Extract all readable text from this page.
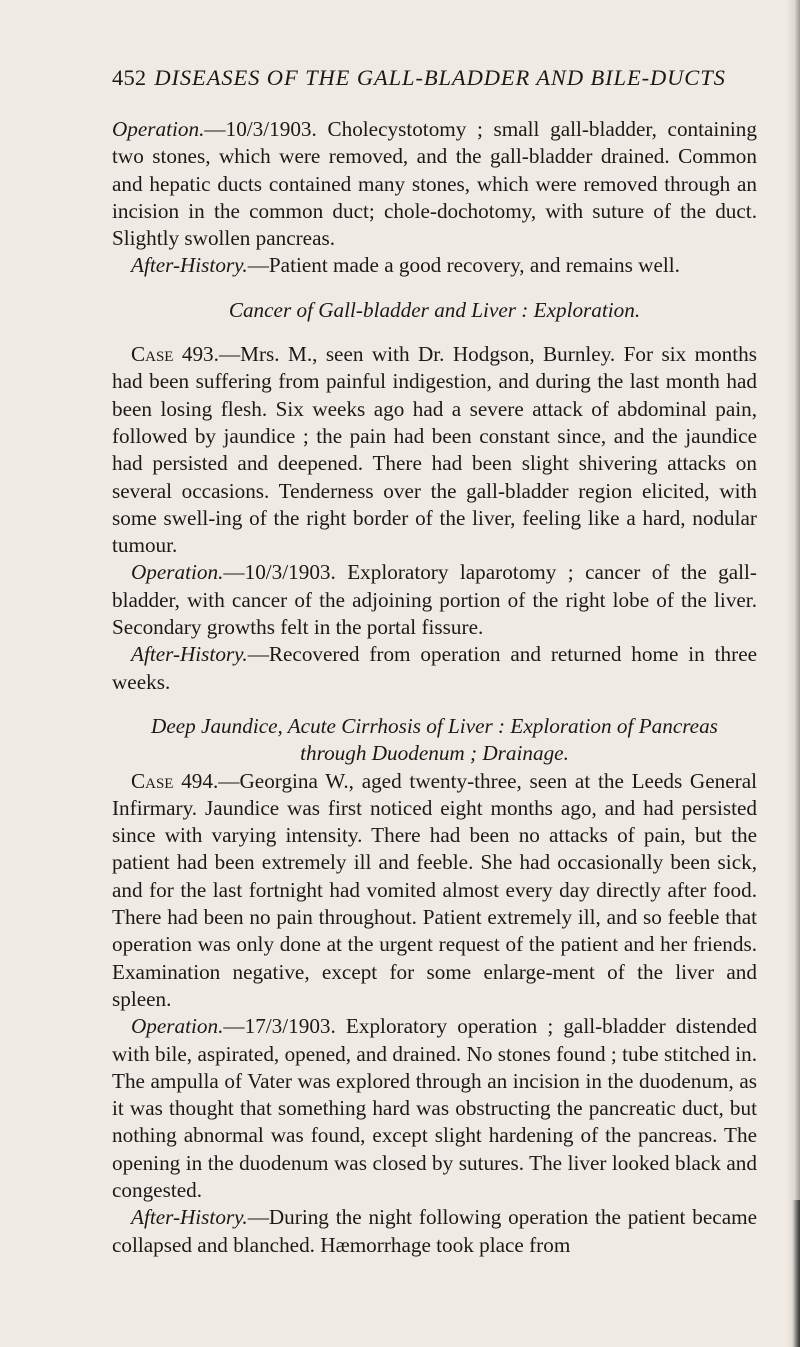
452 DISEASES OF THE GALL-BLADDER AND BILE-DUCTS

Operation.—10/3/1903. Cholecystotomy ; small gall-bladder, containing two stones, which were removed, and the gall-bladder drained. Common and hepatic ducts contained many stones, which were removed through an incision in the common duct; chole-dochotomy, with suture of the duct. Slightly swollen pancreas.

After-History.—Patient made a good recovery, and remains well.

Cancer of Gall-bladder and Liver : Exploration.

Case 493.—Mrs. M., seen with Dr. Hodgson, Burnley. For six months had been suffering from painful indigestion, and during the last month had been losing flesh. Six weeks ago had a severe attack of abdominal pain, followed by jaundice ; the pain had been constant since, and the jaundice had persisted and deepened. There had been slight shivering attacks on several occasions. Tenderness over the gall-bladder region elicited, with some swell-ing of the right border of the liver, feeling like a hard, nodular tumour.

Operation.—10/3/1903. Exploratory laparotomy ; cancer of the gall-bladder, with cancer of the adjoining portion of the right lobe of the liver. Secondary growths felt in the portal fissure.

After-History.—Recovered from operation and returned home in three weeks.

Deep Jaundice, Acute Cirrhosis of Liver : Exploration of Pancreas
through Duodenum ; Drainage.

Case 494.—Georgina W., aged twenty-three, seen at the Leeds General Infirmary. Jaundice was first noticed eight months ago, and had persisted since with varying intensity. There had been no attacks of pain, but the patient had been extremely ill and feeble. She had occasionally been sick, and for the last fortnight had vomited almost every day directly after food. There had been no pain throughout. Patient extremely ill, and so feeble that operation was only done at the urgent request of the patient and her friends. Examination negative, except for some enlarge-ment of the liver and spleen.

Operation.—17/3/1903. Exploratory operation ; gall-bladder distended with bile, aspirated, opened, and drained. No stones found ; tube stitched in. The ampulla of Vater was explored through an incision in the duodenum, as it was thought that something hard was obstructing the pancreatic duct, but nothing abnormal was found, except slight hardening of the pancreas. The opening in the duodenum was closed by sutures. The liver looked black and congested.

After-History.—During the night following operation the patient became collapsed and blanched. Hæmorrhage took place from
